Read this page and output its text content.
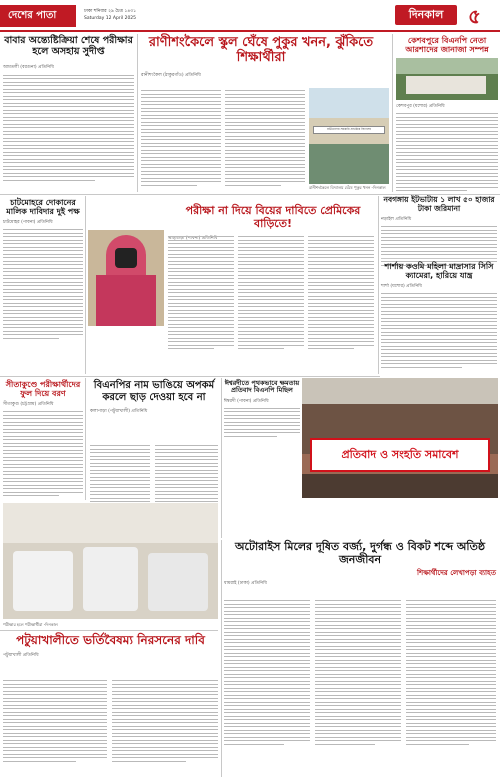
দেশের পাতা	ঢাকা শনিবার ২৯ চৈত্র ১৪৩১
Saturday 12 April 2025	দিনকাল	৫
বাবার অন্ত্যেষ্টিক্রিয়া শেষে পরীক্ষার হলে অসহায় সুদীপ্ত
আমতলী (বরগুনা) প্রতিনিধি
রাণীশংকৈলে স্কুল ঘেঁষে পুকুর খনন, ঝুঁকিতে শিক্ষার্থীরা
রানীশংকৈল (ঠাকুরগাঁও) প্রতিনিধি
রাউতনগর সরকারি প্রাথমিক বিদ্যালয়
রানীশংকৈলে বিদ্যালয় ঘেঁষে পুকুর খনন -দিনকাল
কেশবপুরে বিএনপি নেতা আরশাদের জানাজা সম্পন্ন
কেশবপুর (যশোর) প্রতিনিধি
চাটমোহরে দোকানের মালিক দাবিদার দুই পক্ষ
চাটমোহর (পাবনা) প্রতিনিধি
পরীক্ষা না দিয়ে বিয়ের দাবিতে প্রেমিকের বাড়িতে!
নবগঙ্গায় ইটভাটায় ১ লাখ ৫০ হাজার টাকা জরিমানা
নড়াইল প্রতিনিধি
শার্শায় কওমি মহিলা মাদ্রাসার সিসি ক্যামেরা, হারিয়ে যান্ত্র
শার্শা (যশোর) প্রতিনিধি
সীতাকুণ্ডে পরীক্ষার্থীদের ফুল দিয়ে বরণ
সীতাকুণ্ড (চট্টগ্রাম) প্রতিনিধি
বিএনপির নাম ভাঙিয়ে অপকর্ম করলে ছাড় দেওয়া হবে না
কলাপাড়া (পটুয়াখালী) প্রতিনিধি
ঈশ্বরদীতে পৃথকভাবে ক্ষমতায় প্রতিবাদ বিএনপি মিছিল
ঈশ্বরদী (পাবনা) প্রতিনিধি
প্রতিবাদ ও সংহতি সমাবেশ
পরীক্ষার হলে পরীক্ষার্থীরা -দিনকাল
অটোরাইস মিলের দূষিত বর্জ্য, দুর্গন্ধ ও বিকট শব্দে অতিষ্ঠ জনজীবন
শিক্ষার্থীদের লেখাপড়া ব্যাহত
ধামরাই (ঢাকা) প্রতিনিধি
পটুয়াখালীতে ভর্তিবৈষম্য নিরসনের দাবি
পটুয়াখালী প্রতিনিধি
